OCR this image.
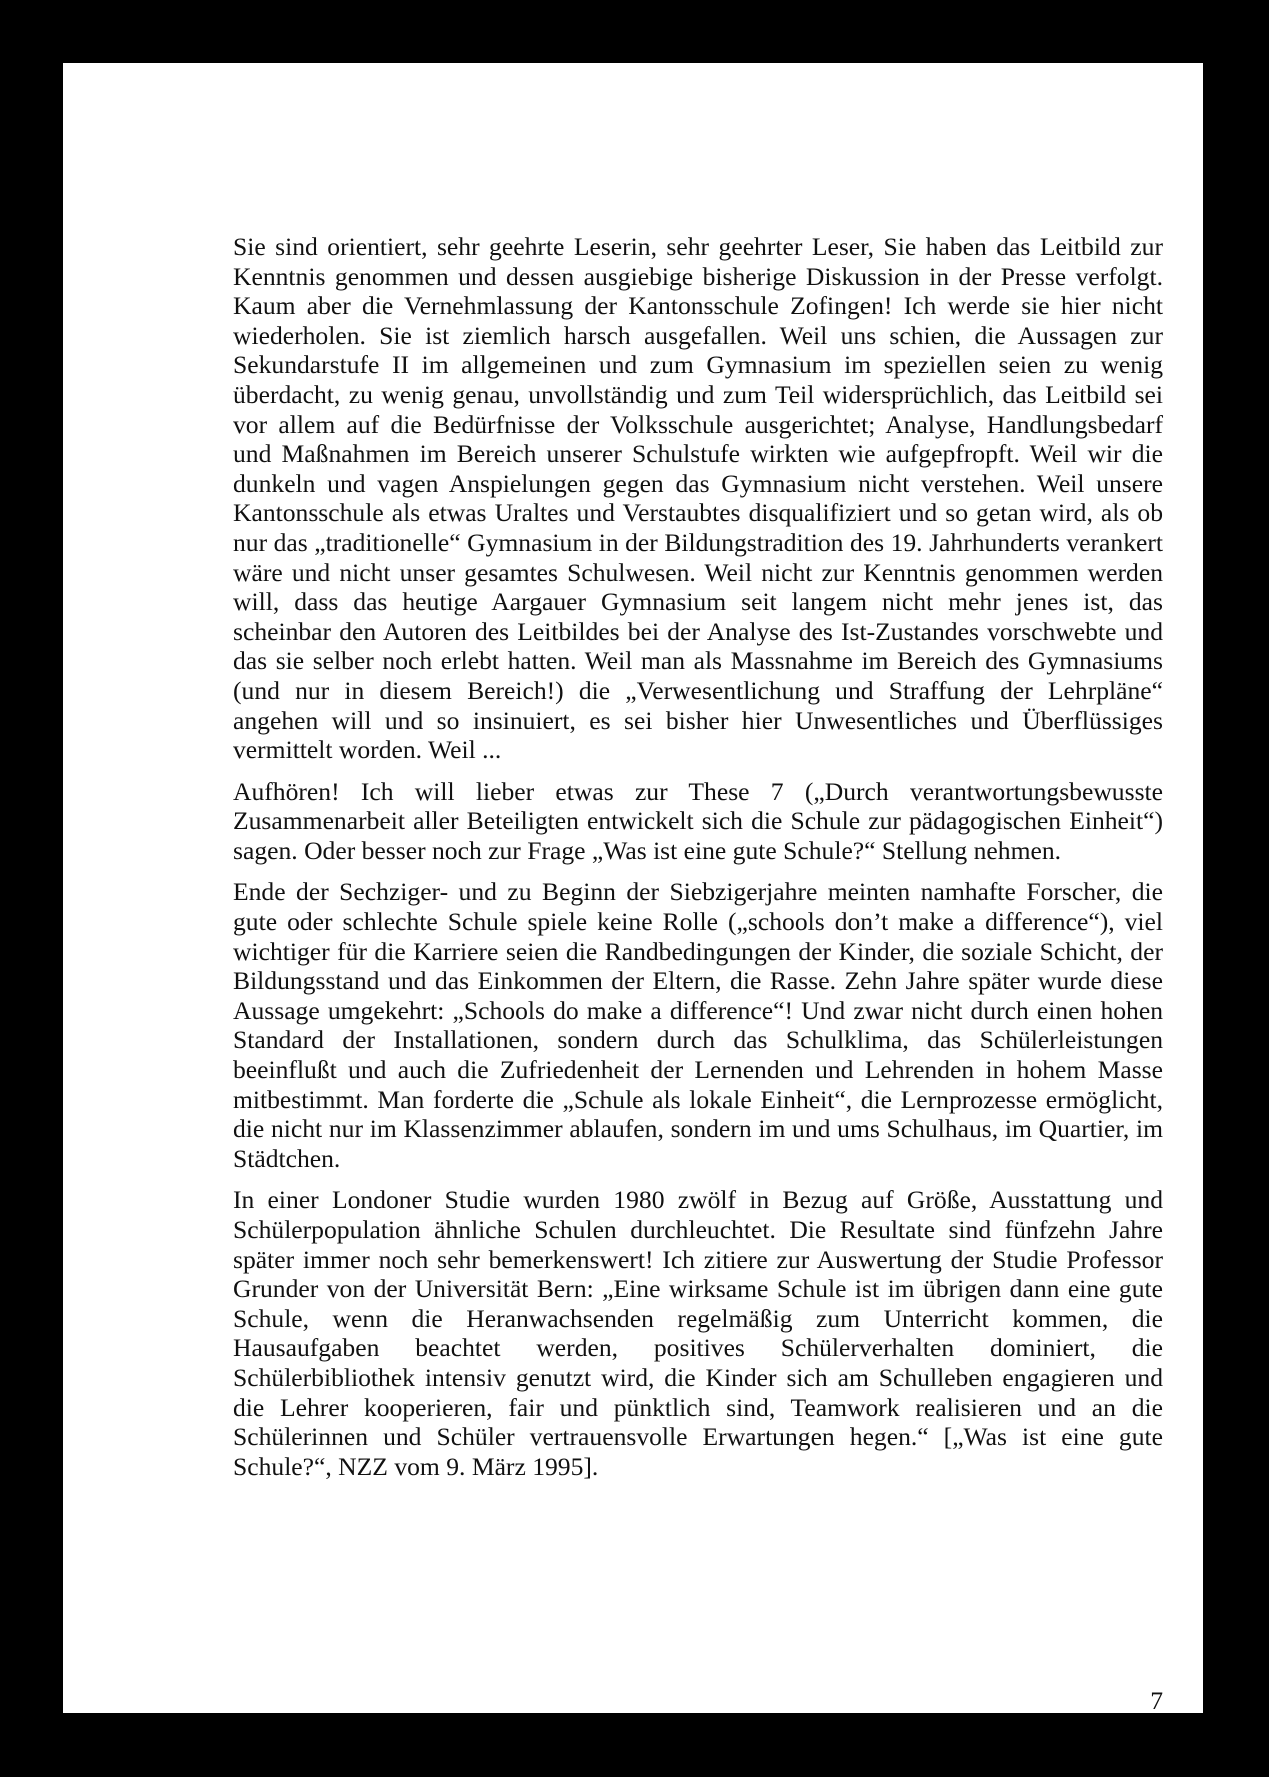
Sie sind orientiert, sehr geehrte Leserin, sehr geehrter Leser, Sie haben das Leitbild zur Kenntnis genommen und dessen ausgiebige bisherige Diskussion in der Presse verfolgt. Kaum aber die Vernehmlassung der Kantonsschule Zofingen! Ich werde sie hier nicht wiederholen. Sie ist ziemlich harsch ausgefallen. Weil uns schien, die Aussagen zur Sekundarstufe II im allgemeinen und zum Gymnasium im speziellen seien zu wenig überdacht, zu wenig genau, unvollständig und zum Teil widersprüchlich, das Leitbild sei vor allem auf die Bedürfnisse der Volksschule ausgerichtet; Analyse, Handlungsbedarf und Maßnahmen im Bereich unserer Schulstufe wirkten wie aufgepfropft. Weil wir die dunkeln und vagen Anspielungen gegen das Gymnasium nicht verstehen. Weil unsere Kantonsschule als etwas Uraltes und Verstaubtes disqualifiziert und so getan wird, als ob nur das „traditionelle“ Gymnasium in der Bildungstradition des 19. Jahrhunderts verankert wäre und nicht unser gesamtes Schulwesen. Weil nicht zur Kenntnis genommen werden will, dass das heutige Aargauer Gymnasium seit langem nicht mehr jenes ist, das scheinbar den Autoren des Leitbildes bei der Analyse des Ist-Zustandes vorschwebte und das sie selber noch erlebt hatten. Weil man als Massnahme im Bereich des Gymnasiums (und nur in diesem Bereich!) die „Verwesentlichung und Straffung der Lehrpläne“ angehen will und so insinuiert, es sei bisher hier Unwesentliches und Überflüssiges vermittelt worden. Weil ...

Aufhören! Ich will lieber etwas zur These 7 („Durch verantwortungsbewusste Zusammenarbeit aller Beteiligten entwickelt sich die Schule zur pädagogischen Einheit“) sagen. Oder besser noch zur Frage „Was ist eine gute Schule?“ Stellung nehmen.

Ende der Sechziger- und zu Beginn der Siebzigerjahre meinten namhafte Forscher, die gute oder schlechte Schule spiele keine Rolle („schools don’t make a difference“), viel wichtiger für die Karriere seien die Randbedingungen der Kinder, die soziale Schicht, der Bildungsstand und das Einkommen der Eltern, die Rasse. Zehn Jahre später wurde diese Aussage umgekehrt: „Schools do make a difference“! Und zwar nicht durch einen hohen Standard der Installationen, sondern durch das Schulklima, das Schülerleistungen beeinflußt und auch die Zufriedenheit der Lernenden und Lehrenden in hohem Masse mitbestimmt. Man forderte die „Schule als lokale Einheit“, die Lernprozesse ermöglicht, die nicht nur im Klassenzimmer ablaufen, sondern im und ums Schulhaus, im Quartier, im Städtchen.

In einer Londoner Studie wurden 1980 zwölf in Bezug auf Größe, Ausstattung und Schülerpopulation ähnliche Schulen durchleuchtet. Die Resultate sind fünfzehn Jahre später immer noch sehr bemerkenswert! Ich zitiere zur Auswertung der Studie Professor Grunder von der Universität Bern: „Eine wirksame Schule ist im übrigen dann eine gute Schule, wenn die Heranwachsenden regelmäßig zum Unterricht kommen, die Hausaufgaben beachtet werden, positives Schülerverhalten dominiert, die Schülerbibliothek intensiv genutzt wird, die Kinder sich am Schulleben engagieren und die Lehrer kooperieren, fair und pünktlich sind, Teamwork realisieren und an die Schülerinnen und Schüler vertrauensvolle Erwartungen hegen.“ [„Was ist eine gute Schule?“, NZZ vom 9. März 1995].

7
